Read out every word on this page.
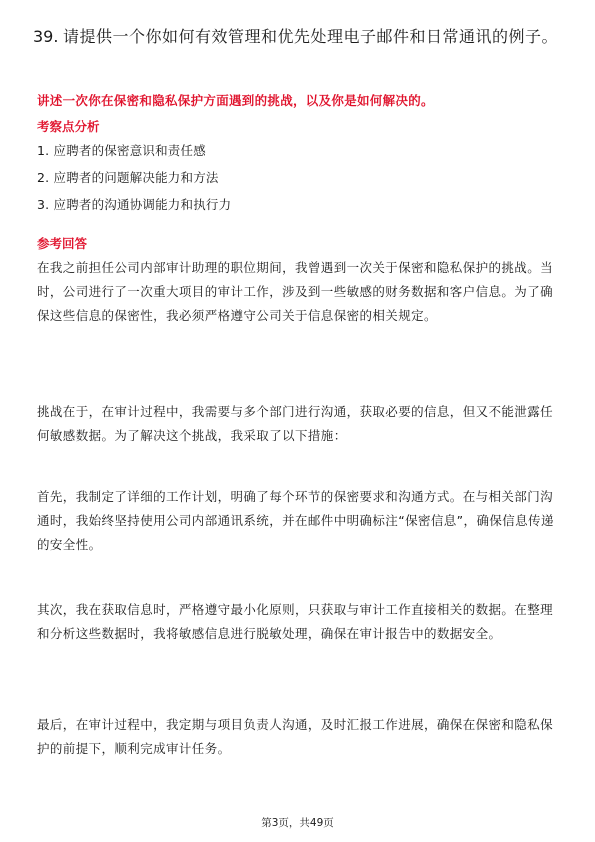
39. 请提供一个你如何有效管理和优先处理电子邮件和日常通讯的例子。

讲述一次你在保密和隐私保护方面遇到的挑战，以及你是如何解决的。

考察点分析

1. 应聘者的保密意识和责任感
2. 应聘者的问题解决能力和方法
3. 应聘者的沟通协调能力和执行力

参考回答

在我之前担任公司内部审计助理的职位期间，我曾遇到一次关于保密和隐私保护的挑战。当时，公司进行了一次重大项目的审计工作，涉及到一些敏感的财务数据和客户信息。为了确保这些信息的保密性，我必须严格遵守公司关于信息保密的相关规定。

挑战在于，在审计过程中，我需要与多个部门进行沟通，获取必要的信息，但又不能泄露任何敏感数据。为了解决这个挑战，我采取了以下措施：

首先，我制定了详细的工作计划，明确了每个环节的保密要求和沟通方式。在与相关部门沟通时，我始终坚持使用公司内部通讯系统，并在邮件中明确标注“保密信息”，确保信息传递的安全性。

其次，我在获取信息时，严格遵守最小化原则，只获取与审计工作直接相关的数据。在整理和分析这些数据时，我将敏感信息进行脱敏处理，确保在审计报告中的数据安全。

最后，在审计过程中，我定期与项目负责人沟通，及时汇报工作进展，确保在保密和隐私保护的前提下，顺利完成审计任务。

第3页，共49页
